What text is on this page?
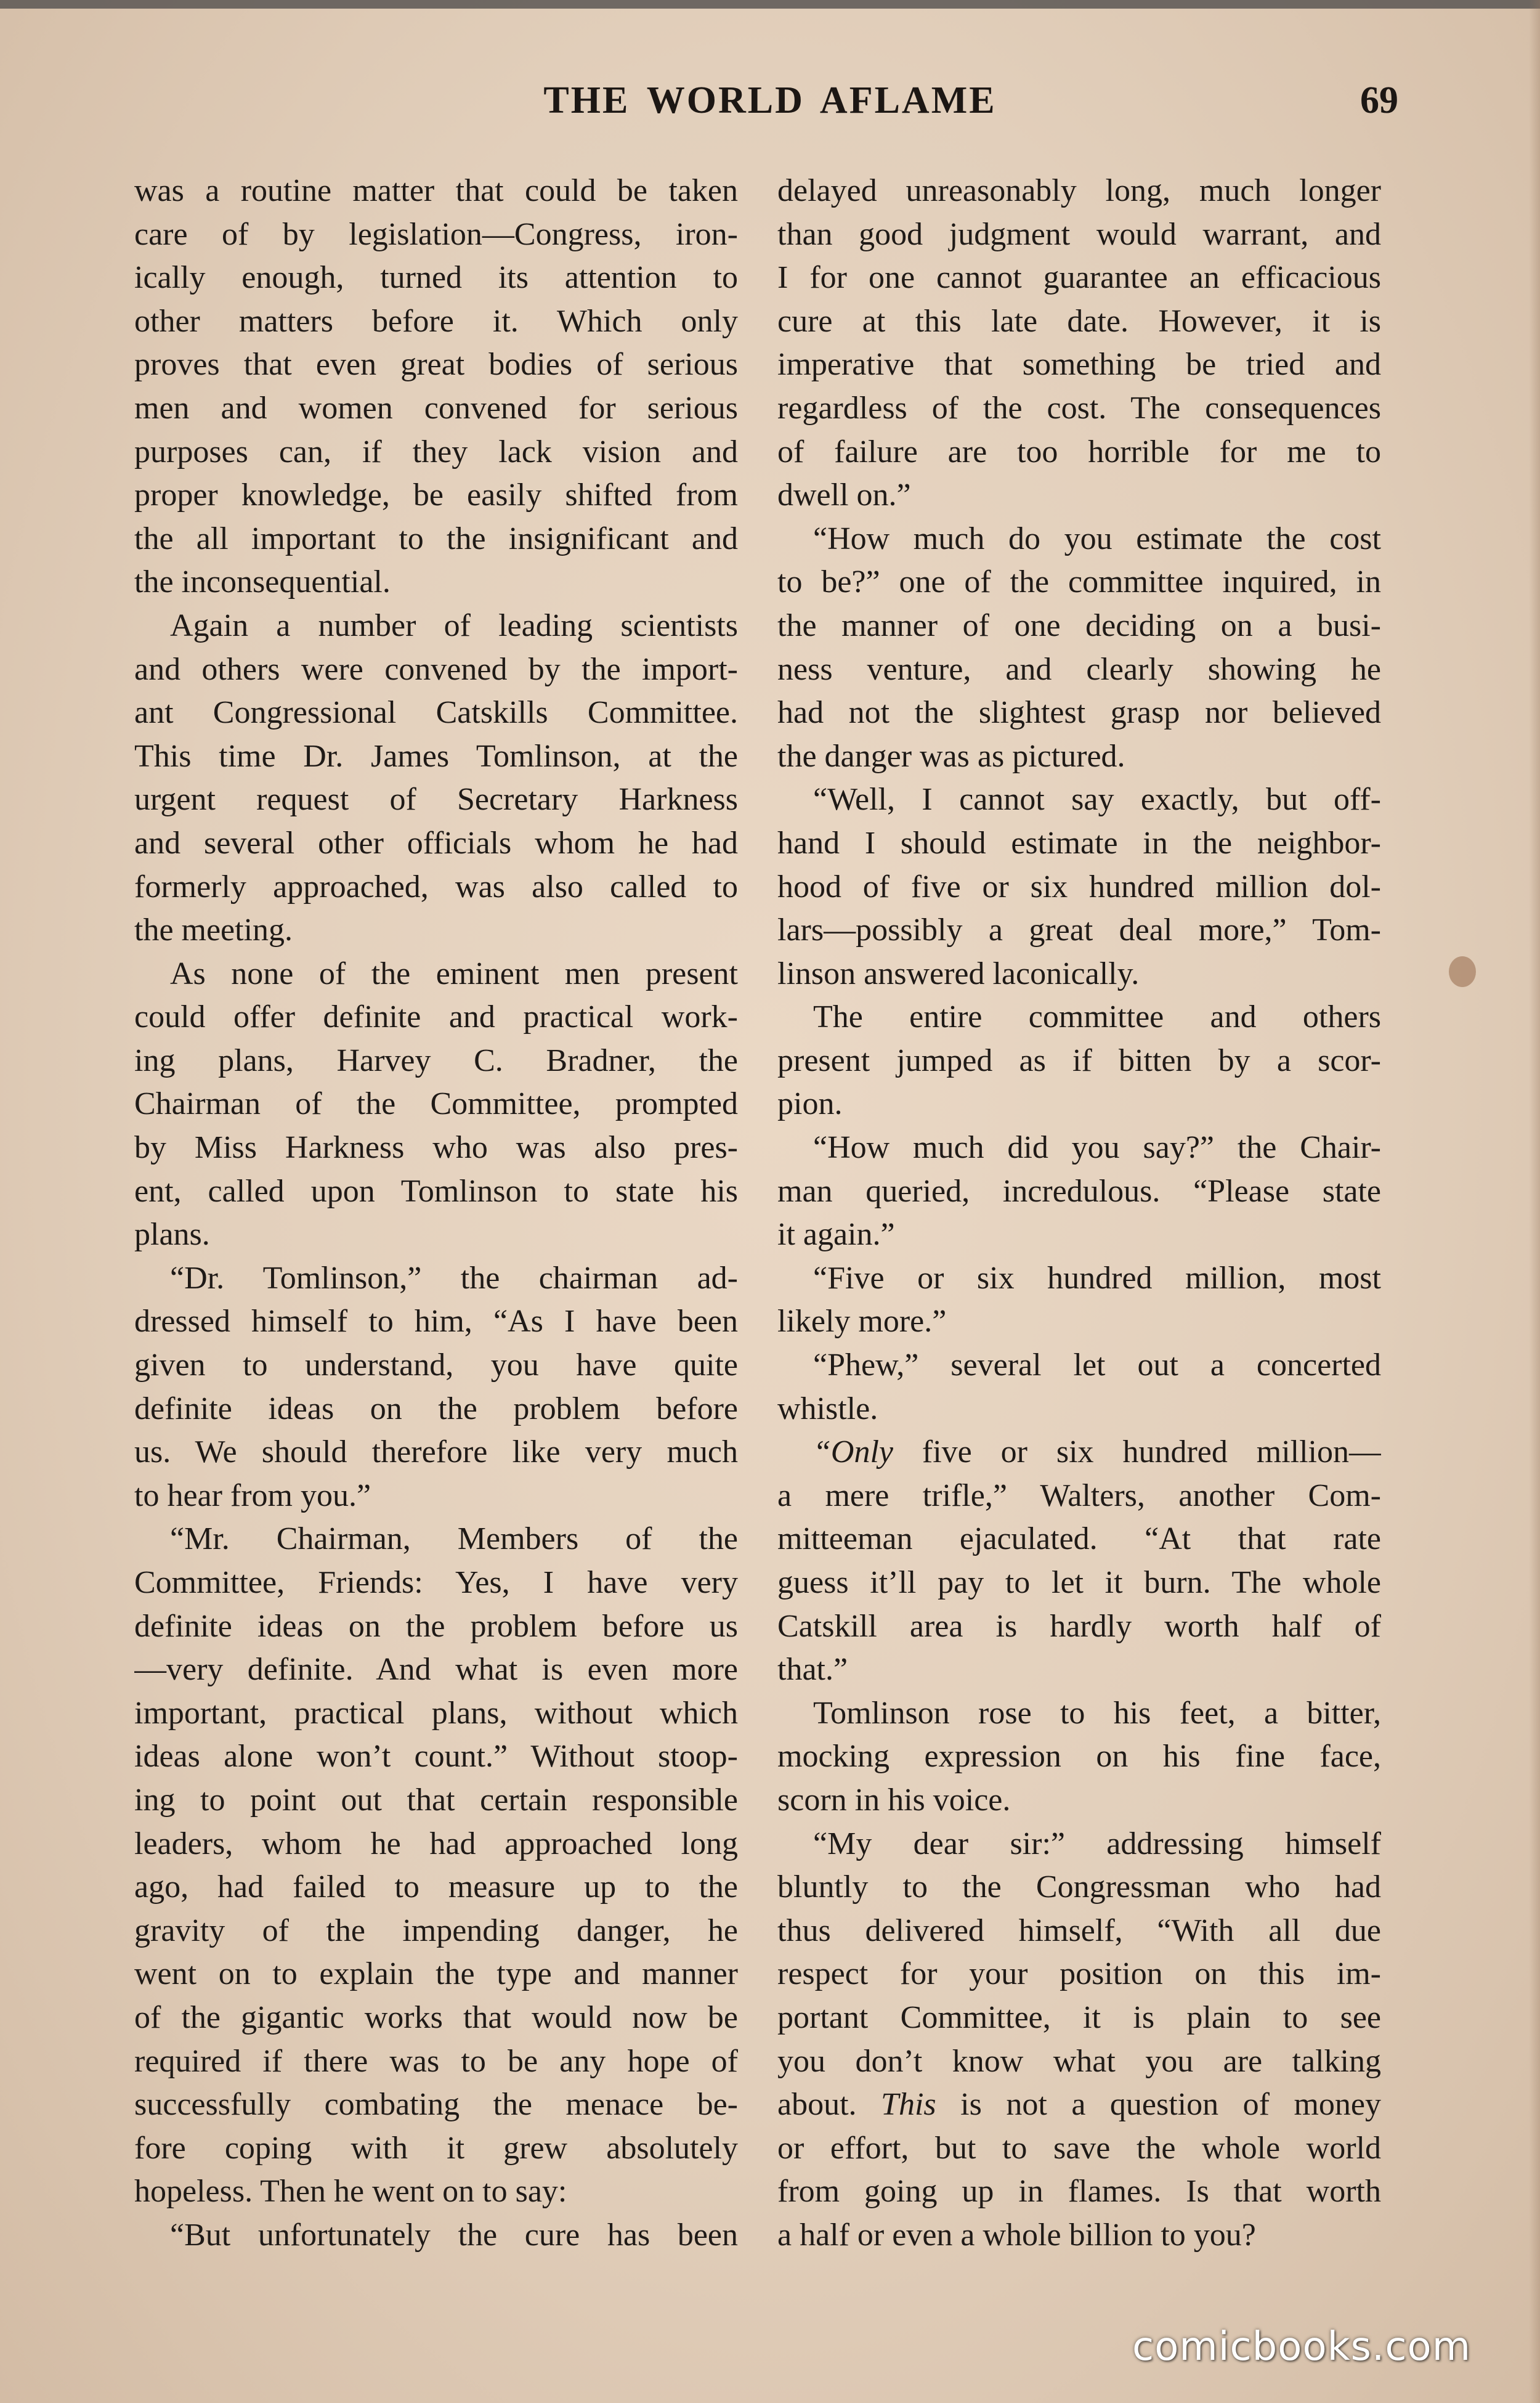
THE WORLD AFLAME	69
was a routine matter that could be taken
care of by legislation—Congress, iron-
ically enough, turned its attention to
other matters before it. Which only
proves that even great bodies of serious
men and women convened for serious
purposes can, if they lack vision and
proper knowledge, be easily shifted from
the all important to the insignificant and
the inconsequential.
Again a number of leading scientists
and others were convened by the import-
ant Congressional Catskills Committee.
This time Dr. James Tomlinson, at the
urgent request of Secretary Harkness
and several other officials whom he had
formerly approached, was also called to
the meeting.
As none of the eminent men present
could offer definite and practical work-
ing plans, Harvey C. Bradner, the
Chairman of the Committee, prompted
by Miss Harkness who was also pres-
ent, called upon Tomlinson to state his
plans.
“Dr. Tomlinson,” the chairman ad-
dressed himself to him, “As I have been
given to understand, you have quite
definite ideas on the problem before
us. We should therefore like very much
to hear from you.”
“Mr. Chairman, Members of the
Committee, Friends: Yes, I have very
definite ideas on the problem before us
—very definite. And what is even more
important, practical plans, without which
ideas alone won’t count.” Without stoop-
ing to point out that certain responsible
leaders, whom he had approached long
ago, had failed to measure up to the
gravity of the impending danger, he
went on to explain the type and manner
of the gigantic works that would now be
required if there was to be any hope of
successfully combating the menace be-
fore coping with it grew absolutely
hopeless. Then he went on to say:
“But unfortunately the cure has been
delayed unreasonably long, much longer
than good judgment would warrant, and
I for one cannot guarantee an efficacious
cure at this late date. However, it is
imperative that something be tried and
regardless of the cost. The consequences
of failure are too horrible for me to
dwell on.”
“How much do you estimate the cost
to be?” one of the committee inquired, in
the manner of one deciding on a busi-
ness venture, and clearly showing he
had not the slightest grasp nor believed
the danger was as pictured.
“Well, I cannot say exactly, but off-
hand I should estimate in the neighbor-
hood of five or six hundred million dol-
lars—possibly a great deal more,” Tom-
linson answered laconically.
The entire committee and others
present jumped as if bitten by a scor-
pion.
“How much did you say?” the Chair-
man queried, incredulous. “Please state
it again.”
“Five or six hundred million, most
likely more.”
“Phew,” several let out a concerted
whistle.
“Only five or six hundred million—
a mere trifle,” Walters, another Com-
mitteeman ejaculated. “At that rate
guess it’ll pay to let it burn. The whole
Catskill area is hardly worth half of
that.”
Tomlinson rose to his feet, a bitter,
mocking expression on his fine face,
scorn in his voice.
“My dear sir:” addressing himself
bluntly to the Congressman who had
thus delivered himself, “With all due
respect for your position on this im-
portant Committee, it is plain to see
you don’t know what you are talking
about. This is not a question of money
or effort, but to save the whole world
from going up in flames. Is that worth
a half or even a whole billion to you?
comicbooks.com
